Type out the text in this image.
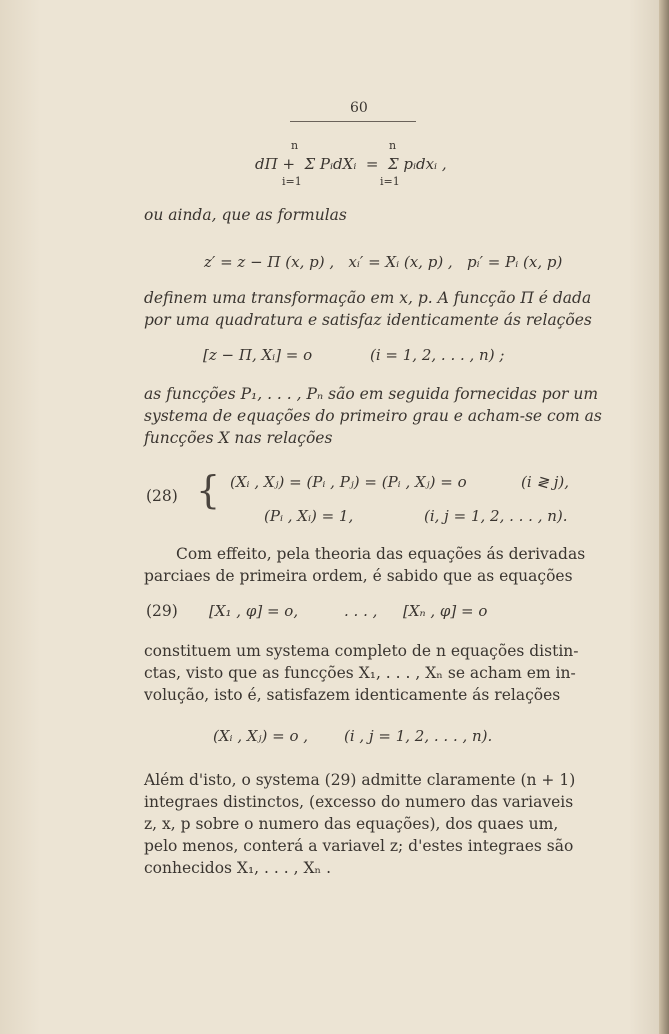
60
n	n
dΠ +  Σ PᵢdXᵢ  =  Σ pᵢdxᵢ ,
i=1	i=1
ou ainda, que as formulas
z′ = z − Π (x, p) ,   xᵢ′ = Xᵢ (x, p) ,   pᵢ′ = Pᵢ (x, p)
definem uma transformação em x, p. A funcção Π é dada
por uma quadratura e satisfaz identicamente ás relações
[z − Π, Xᵢ] = o	(i = 1, 2, . . . , n) ;
as funcções P₁, . . . , Pₙ são em seguida fornecidas por um
systema de equações do primeiro grau e acham-se com as
funcções X nas relações
(28) { (Xᵢ , Xⱼ) = (Pᵢ , Pⱼ) = (Pᵢ , Xⱼ) = o	(i ≷ j),
(Pᵢ , Xᵢ) = 1,	(i, j = 1, 2, . . . , n).
Com effeito, pela theoria das equações ás derivadas
parciaes de primeira ordem, é sabido que as equações
(29) [X₁ , φ] = o,	. . . , [Xₙ , φ] = o
constituem um systema completo de n equações distin-
ctas, visto que as funcções X₁, . . . , Xₙ se acham em in-
volução, isto é, satisfazem identicamente ás relações
(Xᵢ , Xⱼ) = o , (i , j = 1, 2, . . . , n).
Além d'isto, o systema (29) admitte claramente (n + 1)
integraes distinctos, (excesso do numero das variaveis
z, x, p sobre o numero das equações), dos quaes um,
pelo menos, conterá a variavel z; d'estes integraes são
conhecidos X₁, . . . , Xₙ .
